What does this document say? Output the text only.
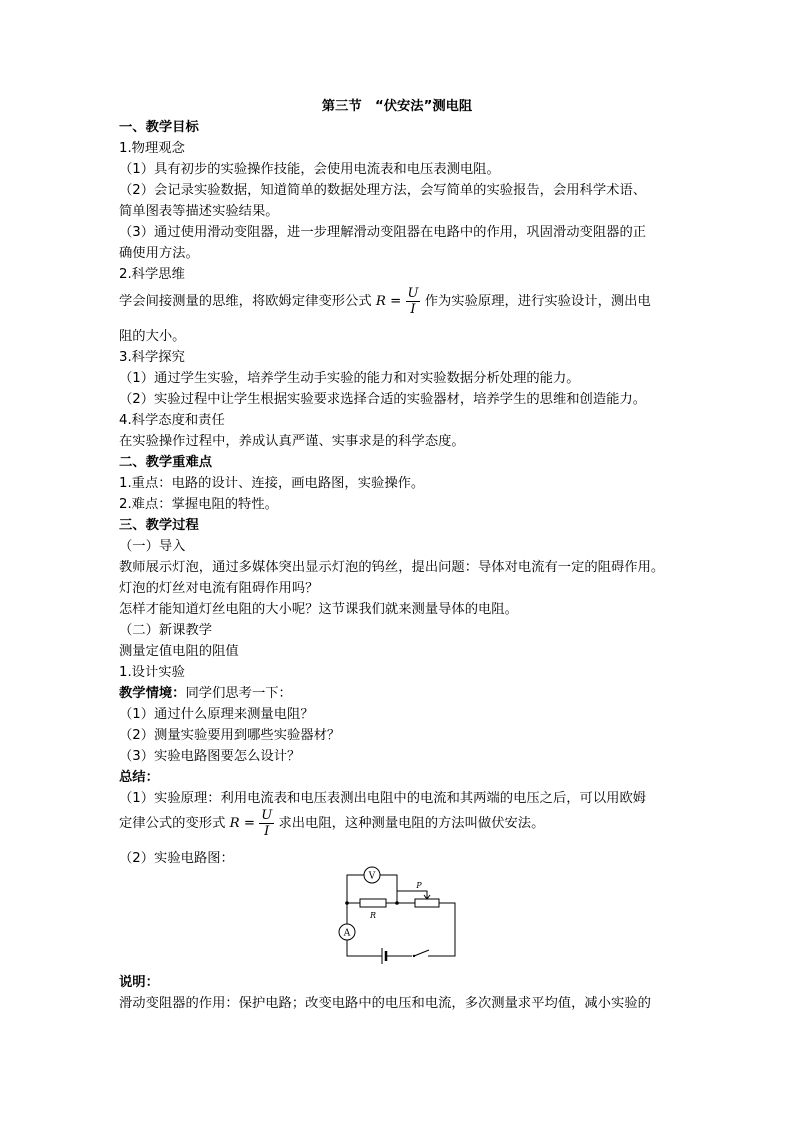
第三节　“伏安法”测电阻
一、教学目标
1.物理观念
（1）具有初步的实验操作技能，会使用电流表和电压表测电阻。
（2）会记录实验数据，知道简单的数据处理方法，会写简单的实验报告，会用科学术语、
简单图表等描述实验结果。
（3）通过使用滑动变阻器，进一步理解滑动变阻器在电路中的作用，巩固滑动变阻器的正
确使用方法。
2.科学思维
学会间接测量的思维，将欧姆定律变形公式 $R = \frac{U}{I}$ 作为实验原理，进行实验设计，测出电
阻的大小。
3.科学探究
（1）通过学生实验，培养学生动手实验的能力和对实验数据分析处理的能力。
（2）实验过程中让学生根据实验要求选择合适的实验器材，培养学生的思维和创造能力。
4.科学态度和责任
在实验操作过程中，养成认真严谨、实事求是的科学态度。
二、教学重难点
1.重点：电路的设计、连接，画电路图，实验操作。
2.难点：掌握电阻的特性。
三、教学过程
（一）导入
教师展示灯泡，通过多媒体突出显示灯泡的钨丝，提出问题：导体对电流有一定的阻碍作用。
灯泡的灯丝对电流有阻碍作用吗？
怎样才能知道灯丝电阻的大小呢？这节课我们就来测量导体的电阻。
（二）新课教学
测量定值电阻的阻值
1.设计实验
教学情境：同学们思考一下：
（1）通过什么原理来测量电阻？
（2）测量实验要用到哪些实验器材？
（3）实验电路图要怎么设计？
总结：
（1）实验原理：利用电流表和电压表测出电阻中的电流和其两端的电压之后，可以用欧姆
定律公式的变形式 $R = \frac{U}{I}$ 求出电阻，这种测量电阻的方法叫做伏安法。
（2）实验电路图：
V
A
R
P
说明：
滑动变阻器的作用：保护电路；改变电路中的电压和电流，多次测量求平均值，减小实验的
